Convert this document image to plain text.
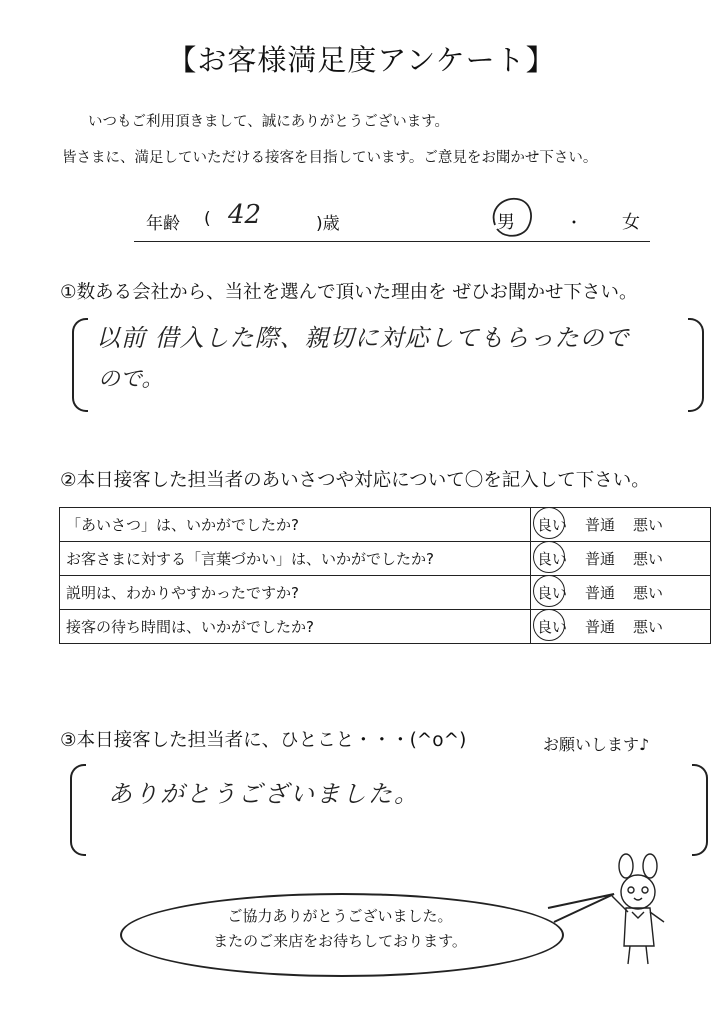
【お客様満足度アンケート】
いつもご利用頂きまして、誠にありがとうございます。
皆さまに、満足していただける接客を目指しています。ご意見をお聞かせ下さい。
年齢 ( 42	)歳	男	・ 女
①数ある会社から、当社を選んで頂いた理由を ぜひお聞かせ下さい。
以前 借入した際、親切に対応してもらったので
ので。
②本日接客した担当者のあいさつや対応について〇を記入して下さい。
「あいさつ」は、いかがでしたか?	良い 普通 悪い
お客さまに対する「言葉づかい」は、いかがでしたか?	良い 普通 悪い
説明は、わかりやすかったですか?	良い 普通 悪い
接客の待ち時間は、いかがでしたか?	良い 普通 悪い
③本日接客した担当者に、ひとこと・・・(^o^)	お願いします♪
ありがとうございました。
ご協力ありがとうございました。
またのご来店をお待ちしております。
